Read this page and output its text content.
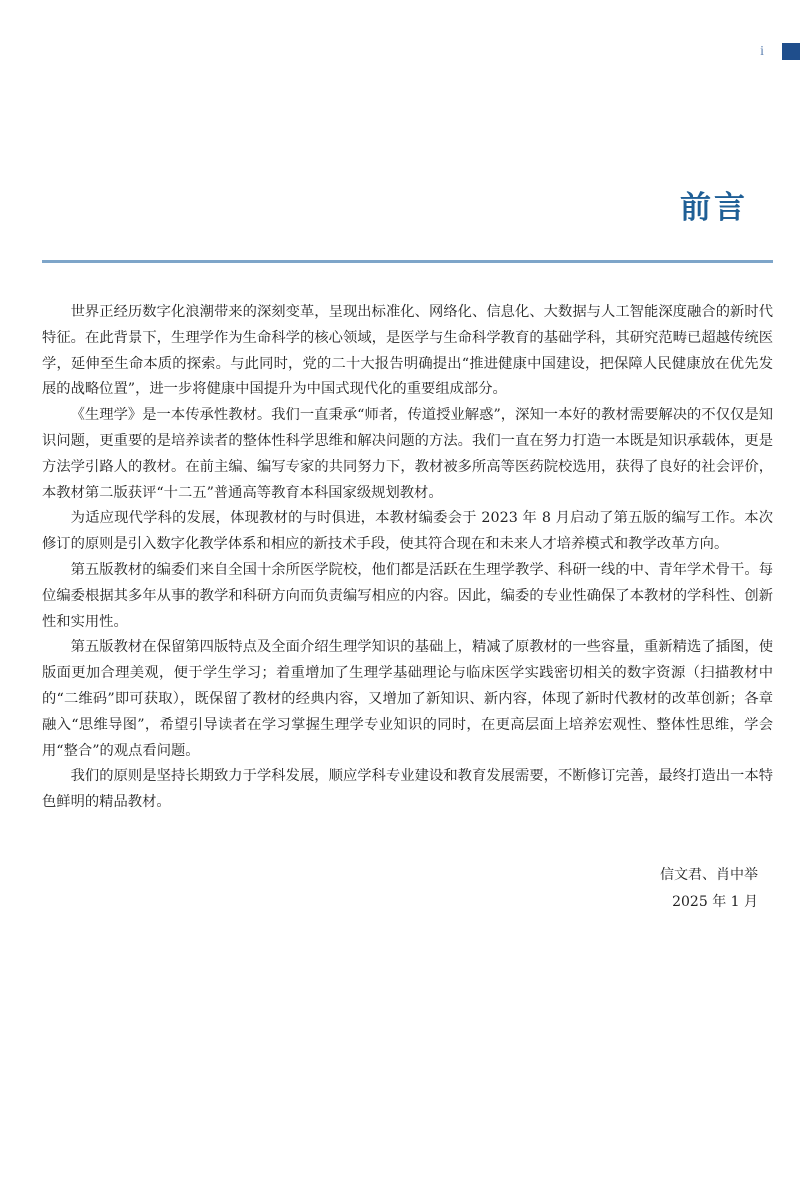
i
前言

世界正经历数字化浪潮带来的深刻变革，呈现出标准化、网络化、信息化、大数据与人工智能深度融合的新时代特征。在此背景下，生理学作为生命科学的核心领域，是医学与生命科学教育的基础学科，其研究范畴已超越传统医学，延伸至生命本质的探索。与此同时，党的二十大报告明确提出“推进健康中国建设，把保障人民健康放在优先发展的战略位置”，进一步将健康中国提升为中国式现代化的重要组成部分。

《生理学》是一本传承性教材。我们一直秉承“师者，传道授业解惑”，深知一本好的教材需要解决的不仅仅是知识问题，更重要的是培养读者的整体性科学思维和解决问题的方法。我们一直在努力打造一本既是知识承载体，更是方法学引路人的教材。在前主编、编写专家的共同努力下，教材被多所高等医药院校选用，获得了良好的社会评价，本教材第二版获评“十二五”普通高等教育本科国家级规划教材。

为适应现代学科的发展，体现教材的与时俱进，本教材编委会于 2023 年 8 月启动了第五版的编写工作。本次修订的原则是引入数字化教学体系和相应的新技术手段，使其符合现在和未来人才培养模式和教学改革方向。

第五版教材的编委们来自全国十余所医学院校，他们都是活跃在生理学教学、科研一线的中、青年学术骨干。每位编委根据其多年从事的教学和科研方向而负责编写相应的内容。因此，编委的专业性确保了本教材的学科性、创新性和实用性。

第五版教材在保留第四版特点及全面介绍生理学知识的基础上，精减了原教材的一些容量，重新精选了插图，使版面更加合理美观，便于学生学习；着重增加了生理学基础理论与临床医学实践密切相关的数字资源（扫描教材中的“二维码”即可获取），既保留了教材的经典内容，又增加了新知识、新内容，体现了新时代教材的改革创新；各章融入“思维导图”，希望引导读者在学习掌握生理学专业知识的同时，在更高层面上培养宏观性、整体性思维，学会用“整合”的观点看问题。

我们的原则是坚持长期致力于学科发展，顺应学科专业建设和教育发展需要，不断修订完善，最终打造出一本特色鲜明的精品教材。

信文君、肖中举
2025 年 1 月
